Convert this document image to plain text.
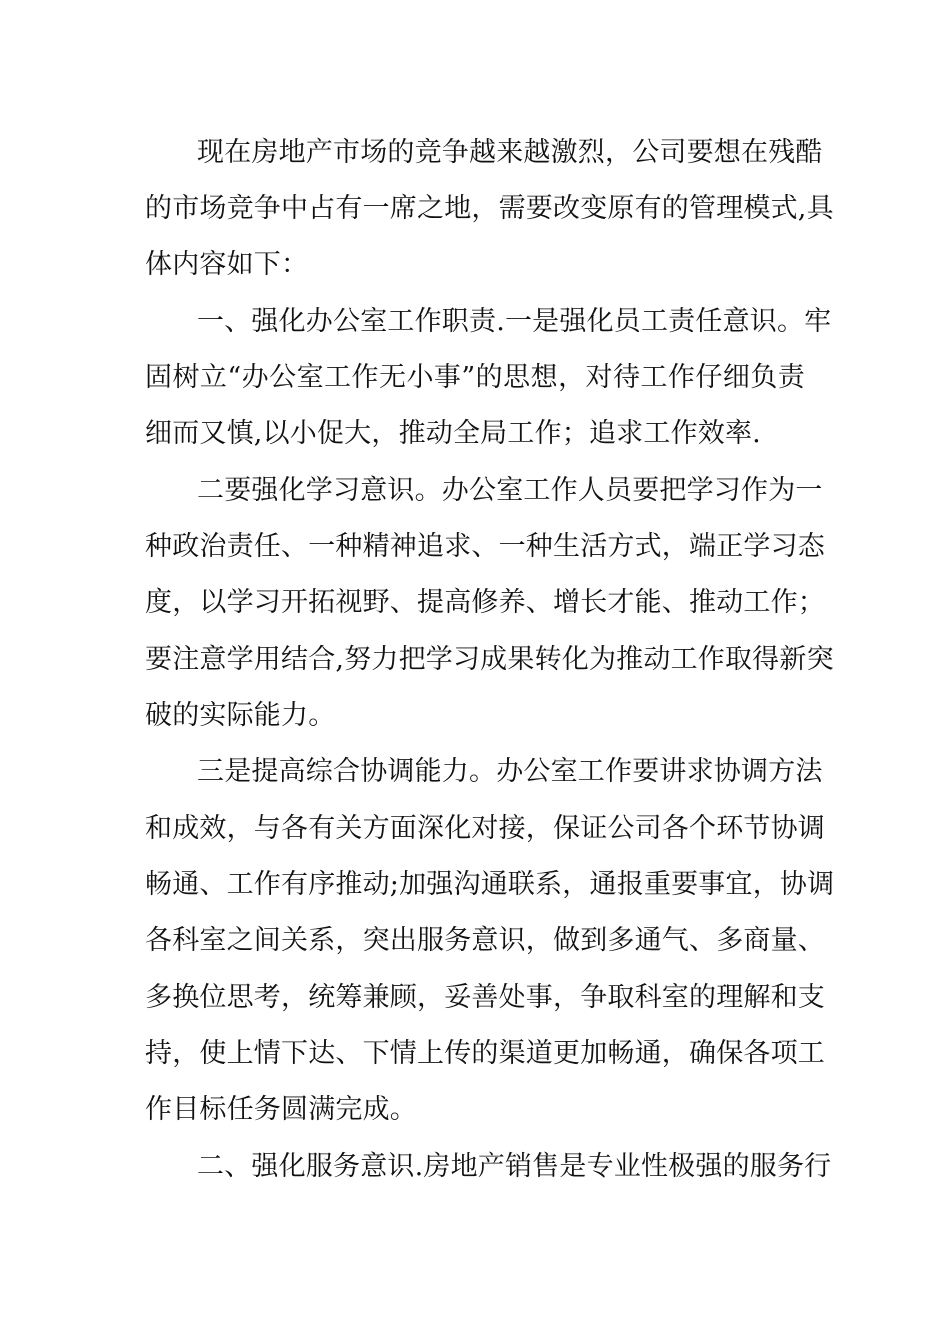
现在房地产市场的竞争越来越激烈，公司要想在残酷
的市场竞争中占有一席之地，需要改变原有的管理模式,具
体内容如下：
一、强化办公室工作职责.一是强化员工责任意识。牢
固树立“办公室工作无小事”的思想，对待工作仔细负责
细而又慎,以小促大，推动全局工作；追求工作效率.
二要强化学习意识。办公室工作人员要把学习作为一
种政治责任、一种精神追求、一种生活方式，端正学习态
度，以学习开拓视野、提高修养、增长才能、推动工作；
要注意学用结合,努力把学习成果转化为推动工作取得新突
破的实际能力。
三是提高综合协调能力。办公室工作要讲求协调方法
和成效，与各有关方面深化对接，保证公司各个环节协调
畅通、工作有序推动;加强沟通联系，通报重要事宜，协调
各科室之间关系，突出服务意识，做到多通气、多商量、
多换位思考，统筹兼顾，妥善处事，争取科室的理解和支
持，使上情下达、下情上传的渠道更加畅通，确保各项工
作目标任务圆满完成。
二、强化服务意识.房地产销售是专业性极强的服务行
